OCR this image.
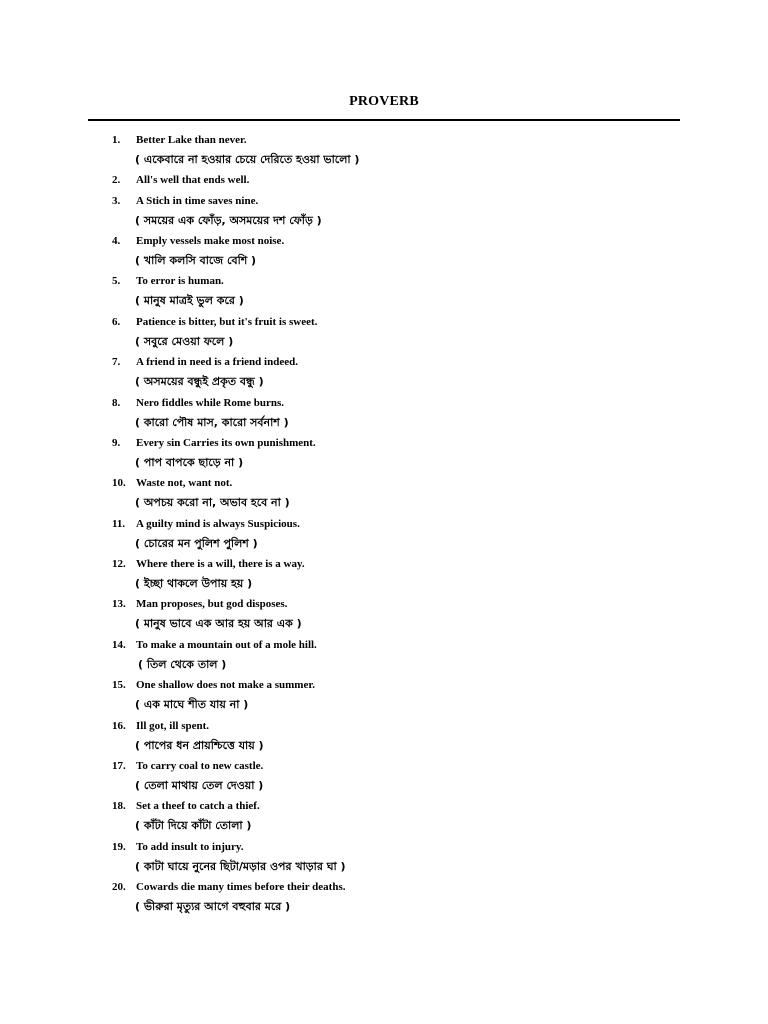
PROVERB
1. Better Lake than never.
( একেবারে না হওয়ার চেয়ে দেরিতে হওয়া ভালো )
2. All's well that ends well.
3. A Stich in time saves nine.
( সময়ের এক ফোঁড়, অসময়ের দশ ফোঁড় )
4. Emply vessels make most noise.
( খালি কলসি বাজে বেশি )
5. To error is human.
( মানুষ মাত্রই ভুল করে )
6. Patience is bitter, but it's fruit is sweet.
( সবুরে মেওয়া ফলে )
7. A friend in need is a friend indeed.
( অসময়ের বন্ধুই প্রকৃত বন্ধু )
8. Nero fiddles while Rome burns.
( কারো পৌষ মাস, কারো সর্বনাশ )
9. Every sin Carries its own punishment.
( পাপ বাপকে ছাড়ে না )
10. Waste not, want not.
( অপচয় করো না, অভাব হবে না )
11. A guilty mind is always Suspicious.
( চোরের মন পুলিশ পুলিশ )
12. Where there is a will, there is a way.
( ইচ্ছা থাকলে উপায় হয় )
13. Man proposes, but god disposes.
( মানুষ ভাবে এক আর হয় আর এক )
14. To make a mountain out of a mole hill.
( তিল থেকে তাল )
15. One shallow does not make a summer.
( এক মাঘে শীত যায় না )
16. Ill got, ill spent.
( পাপের ধন প্রায়শ্চিত্তে যায় )
17. To carry coal to new castle.
( তেলা মাথায় তেল দেওয়া )
18. Set a theef to catch a thief.
( কাঁটা দিয়ে কাঁটা তোলা )
19. To add insult to injury.
( কাটা ঘায়ে নুনের ছিটা/মড়ার ওপর খাড়ার ঘা )
20. Cowards die many times before their deaths.
( ভীরুরা মৃত্যুর আগে বহুবার মরে )
